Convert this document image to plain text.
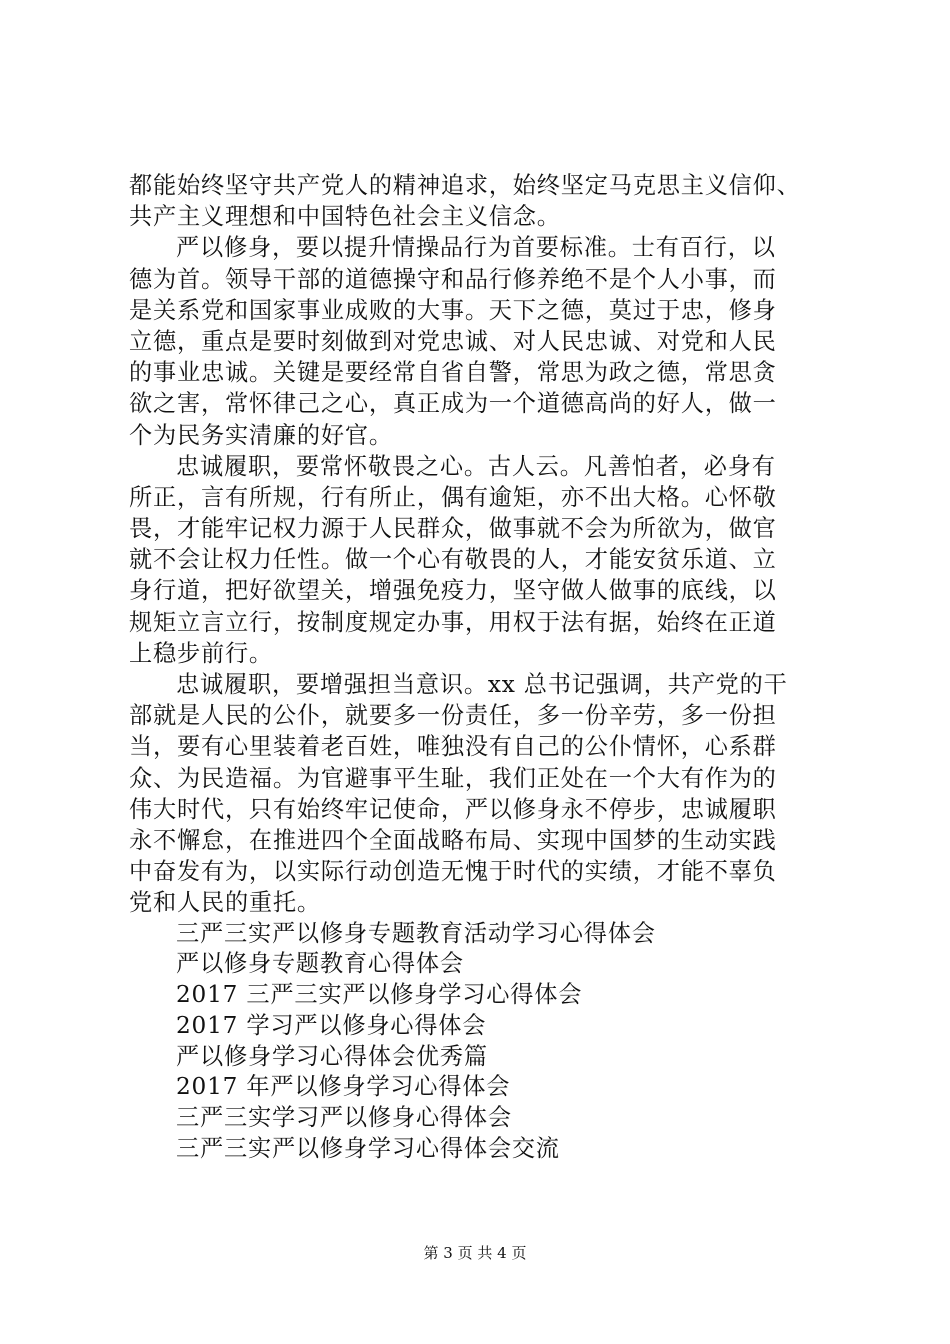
都能始终坚守共产党人的精神追求，始终坚定马克思主义信仰、
共产主义理想和中国特色社会主义信念。
严以修身，要以提升情操品行为首要标准。士有百行，以
德为首。领导干部的道德操守和品行修养绝不是个人小事，而
是关系党和国家事业成败的大事。天下之德，莫过于忠，修身
立德，重点是要时刻做到对党忠诚、对人民忠诚、对党和人民
的事业忠诚。关键是要经常自省自警，常思为政之德，常思贪
欲之害，常怀律己之心，真正成为一个道德高尚的好人，做一
个为民务实清廉的好官。
忠诚履职，要常怀敬畏之心。古人云。凡善怕者，必身有
所正，言有所规，行有所止，偶有逾矩，亦不出大格。心怀敬
畏，才能牢记权力源于人民群众，做事就不会为所欲为，做官
就不会让权力任性。做一个心有敬畏的人，才能安贫乐道、立
身行道，把好欲望关，增强免疫力，坚守做人做事的底线，以
规矩立言立行，按制度规定办事，用权于法有据，始终在正道
上稳步前行。
忠诚履职，要增强担当意识。xx 总书记强调，共产党的干
部就是人民的公仆，就要多一份责任，多一份辛劳，多一份担
当，要有心里装着老百姓，唯独没有自己的公仆情怀，心系群
众、为民造福。为官避事平生耻，我们正处在一个大有作为的
伟大时代，只有始终牢记使命，严以修身永不停步，忠诚履职
永不懈怠，在推进四个全面战略布局、实现中国梦的生动实践
中奋发有为，以实际行动创造无愧于时代的实绩，才能不辜负
党和人民的重托。
三严三实严以修身专题教育活动学习心得体会
严以修身专题教育心得体会
2017 三严三实严以修身学习心得体会
2017 学习严以修身心得体会
严以修身学习心得体会优秀篇
2017 年严以修身学习心得体会
三严三实学习严以修身心得体会
三严三实严以修身学习心得体会交流
第 3 页 共 4 页
